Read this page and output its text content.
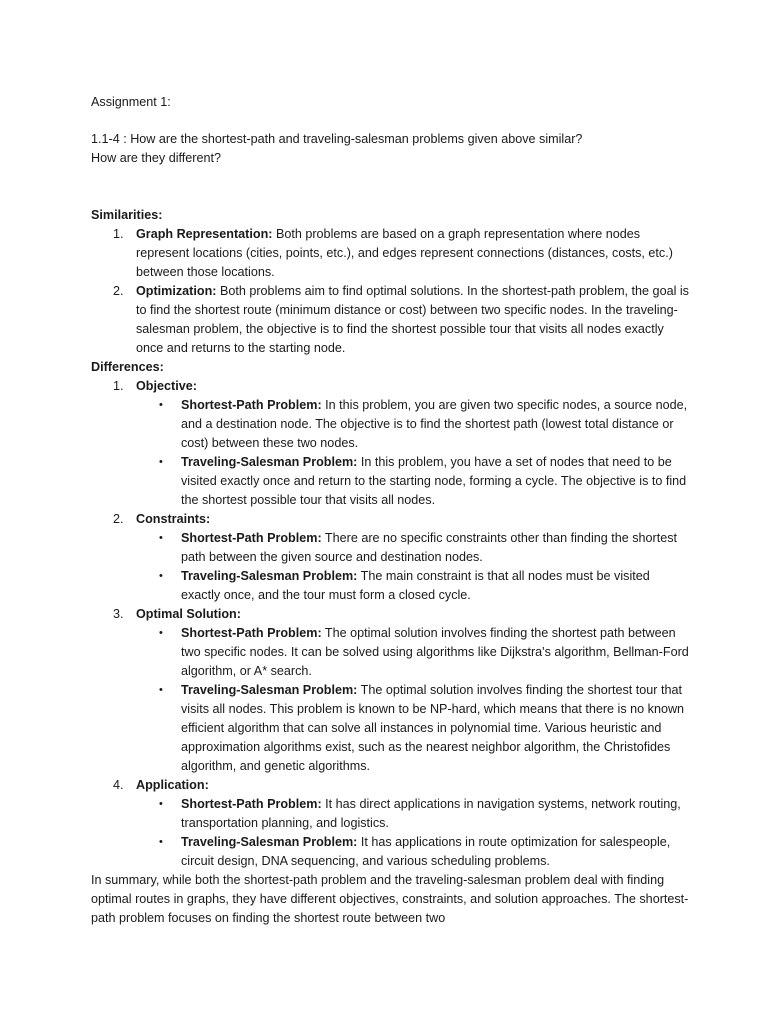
Assignment 1:

1.1-4 : How are the shortest-path and traveling-salesman problems given above similar?

How are they different?

Similarities:

1. Graph Representation: Both problems are based on a graph representation where nodes represent locations (cities, points, etc.), and edges represent connections (distances, costs, etc.) between those locations.
2. Optimization: Both problems aim to find optimal solutions. In the shortest-path problem, the goal is to find the shortest route (minimum distance or cost) between two specific nodes. In the traveling-salesman problem, the objective is to find the shortest possible tour that visits all nodes exactly once and returns to the starting node.

Differences:

1. Objective:
• Shortest-Path Problem: In this problem, you are given two specific nodes, a source node, and a destination node. The objective is to find the shortest path (lowest total distance or cost) between these two nodes.
• Traveling-Salesman Problem: In this problem, you have a set of nodes that need to be visited exactly once and return to the starting node, forming a cycle. The objective is to find the shortest possible tour that visits all nodes.
2. Constraints:
• Shortest-Path Problem: There are no specific constraints other than finding the shortest path between the given source and destination nodes.
• Traveling-Salesman Problem: The main constraint is that all nodes must be visited exactly once, and the tour must form a closed cycle.
3. Optimal Solution:
• Shortest-Path Problem: The optimal solution involves finding the shortest path between two specific nodes. It can be solved using algorithms like Dijkstra's algorithm, Bellman-Ford algorithm, or A* search.
• Traveling-Salesman Problem: The optimal solution involves finding the shortest tour that visits all nodes. This problem is known to be NP-hard, which means that there is no known efficient algorithm that can solve all instances in polynomial time. Various heuristic and approximation algorithms exist, such as the nearest neighbor algorithm, the Christofides algorithm, and genetic algorithms.
4. Application:
• Shortest-Path Problem: It has direct applications in navigation systems, network routing, transportation planning, and logistics.
• Traveling-Salesman Problem: It has applications in route optimization for salespeople, circuit design, DNA sequencing, and various scheduling problems.

In summary, while both the shortest-path problem and the traveling-salesman problem deal with finding optimal routes in graphs, they have different objectives, constraints, and solution approaches. The shortest-path problem focuses on finding the shortest route between two
